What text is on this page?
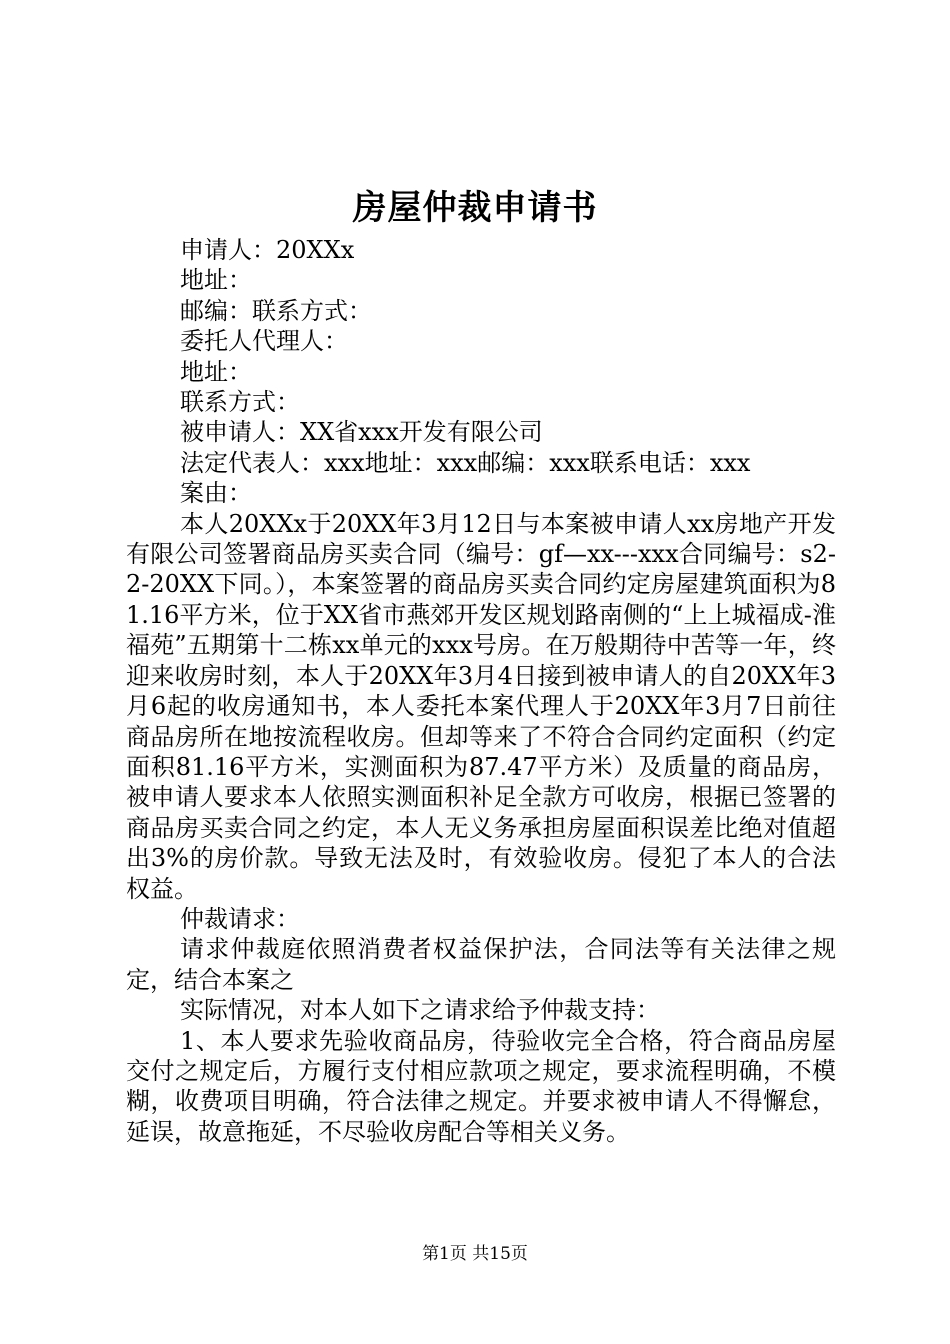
房屋仲裁申请书

申请人：20XXx

地址：

邮编：联系方式：

委托人代理人：

地址：

联系方式：

被申请人：XX省xxx开发有限公司

法定代表人：xxx地址：xxx邮编：xxx联系电话：xxx

案由：

本人20XXx于20XX年3月12日与本案被申请人xx房地产开发有限公司签署商品房买卖合同（编号：gf—xx---xxx合同编号：s2-2-20XX下同。），本案签署的商品房买卖合同约定房屋建筑面积为81.16平方米，位于XX省市燕郊开发区规划路南侧的“上上城福成-淮福苑”五期第十二栋xx单元的xxx号房。在万般期待中苦等一年，终迎来收房时刻，本人于20XX年3月4日接到被申请人的自20XX年3月6起的收房通知书，本人委托本案代理人于20XX年3月7日前往商品房所在地按流程收房。但却等来了不符合合同约定面积（约定面积81.16平方米，实测面积为87.47平方米）及质量的商品房，被申请人要求本人依照实测面积补足全款方可收房，根据已签署的商品房买卖合同之约定，本人无义务承担房屋面积误差比绝对值超出3%的房价款。导致无法及时，有效验收房。侵犯了本人的合法权益。

仲裁请求：

请求仲裁庭依照消费者权益保护法，合同法等有关法律之规定，结合本案之

实际情况，对本人如下之请求给予仲裁支持：

1、本人要求先验收商品房，待验收完全合格，符合商品房屋交付之规定后，方履行支付相应款项之规定，要求流程明确，不模糊，收费项目明确，符合法律之规定。并要求被申请人不得懈怠，延误，故意拖延，不尽验收房配合等相关义务。

第1页 共15页
